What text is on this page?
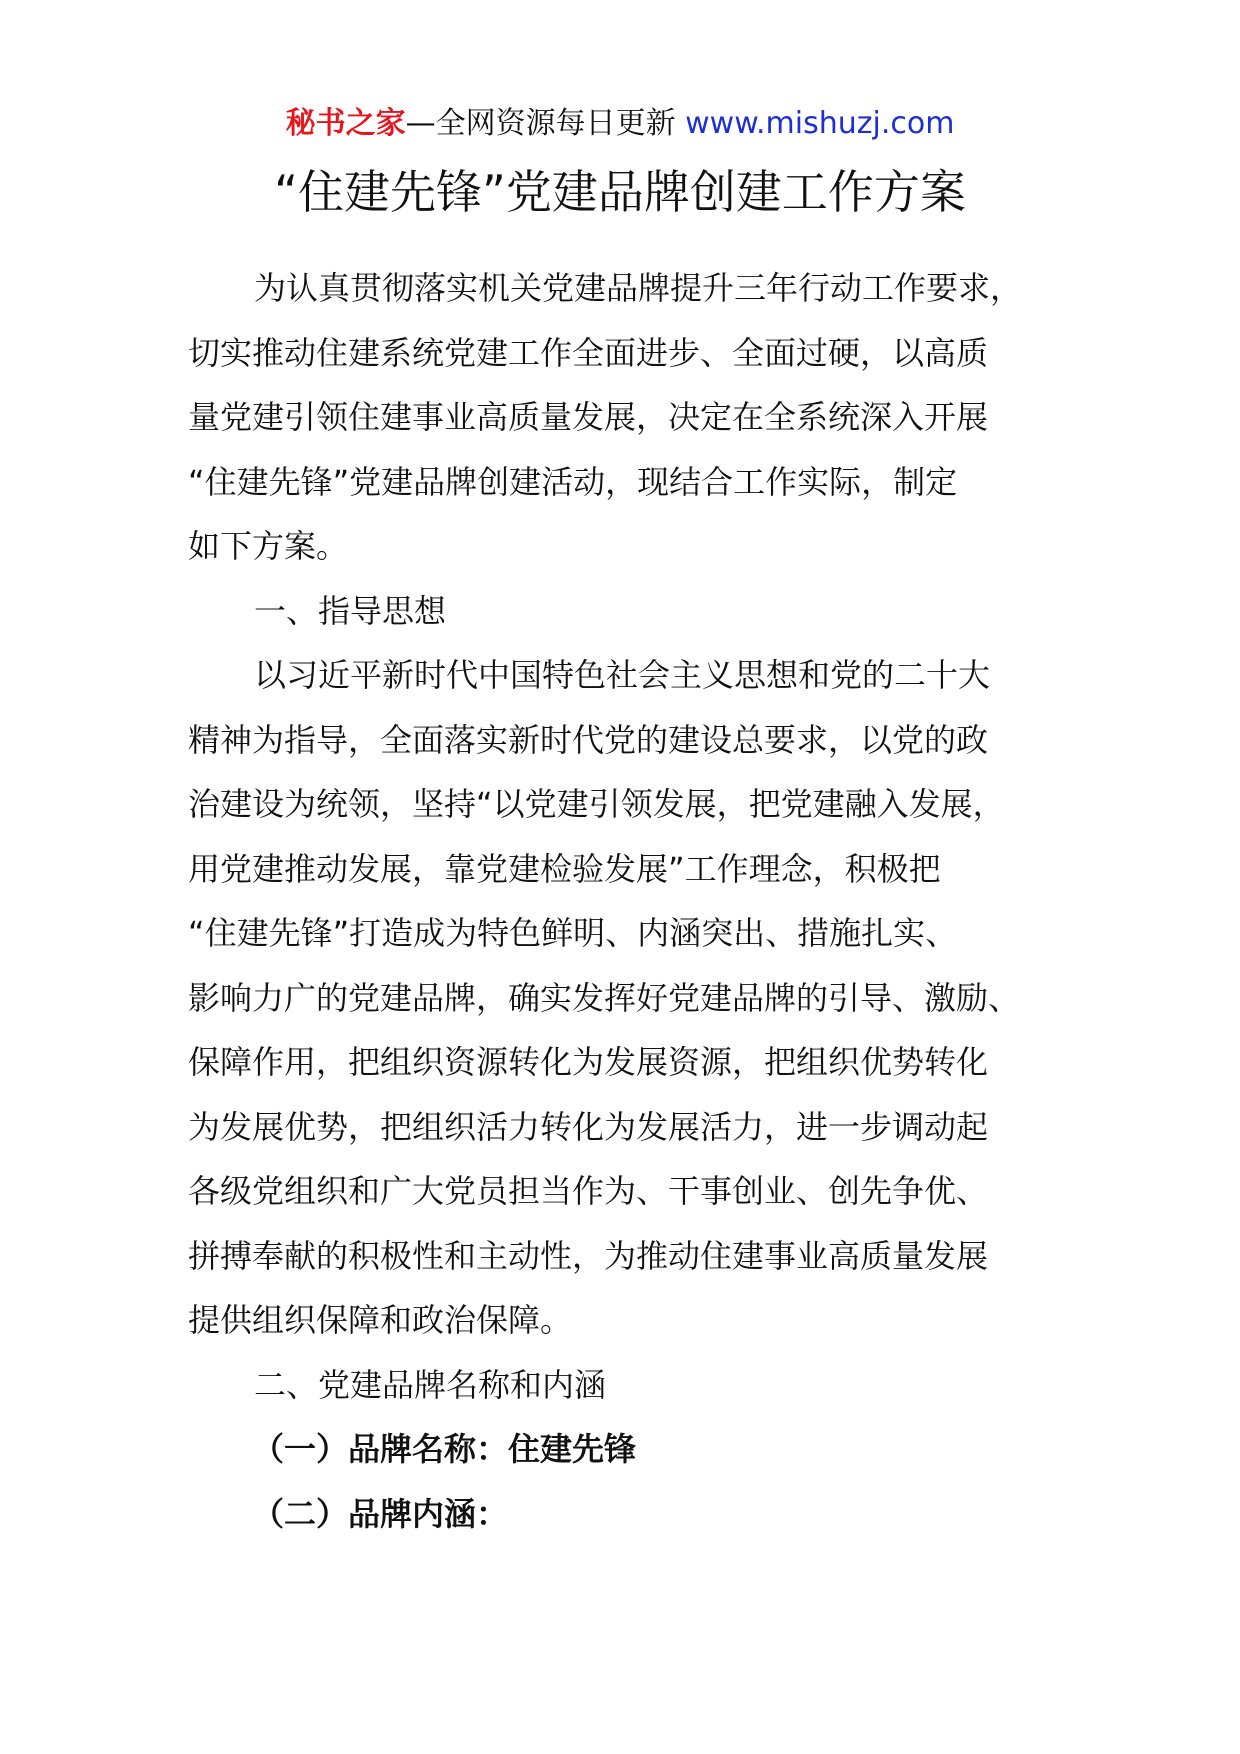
秘书之家—全网资源每日更新 www.mishuzj.com
“住建先锋”党建品牌创建工作方案
为认真贯彻落实机关党建品牌提升三年行动工作要求，
切实推动住建系统党建工作全面进步、全面过硬，以高质
量党建引领住建事业高质量发展，决定在全系统深入开展
“住建先锋”党建品牌创建活动，现结合工作实际，制定
如下方案。
一、指导思想
以习近平新时代中国特色社会主义思想和党的二十大
精神为指导，全面落实新时代党的建设总要求，以党的政
治建设为统领，坚持“以党建引领发展，把党建融入发展，
用党建推动发展，靠党建检验发展”工作理念，积极把
“住建先锋”打造成为特色鲜明、内涵突出、措施扎实、
影响力广的党建品牌，确实发挥好党建品牌的引导、激励、
保障作用，把组织资源转化为发展资源，把组织优势转化
为发展优势，把组织活力转化为发展活力，进一步调动起
各级党组织和广大党员担当作为、干事创业、创先争优、
拼搏奉献的积极性和主动性，为推动住建事业高质量发展
提供组织保障和政治保障。
二、党建品牌名称和内涵
（一）品牌名称：住建先锋
（二）品牌内涵：
